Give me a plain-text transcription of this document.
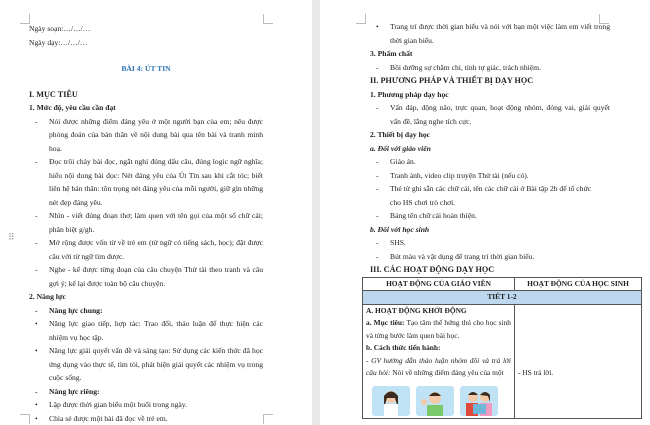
⠿
Ngày soạn:…/…/…
Ngày dạy:…/…/…
BÀI 4: ÚT TIN
I. MỤC TIÊU
1. Mức độ, yêu cầu cần đạt
- Nói được những điểm đáng yêu ở một người bạn của em; nêu được phỏng đoán của bản thân về nội dung bài qua tên bài và tranh minh hoạ.
- Đọc trôi chảy bài đọc, ngắt nghỉ đúng dấu câu, đúng logic ngữ nghĩa; hiểu nội dung bài đọc: Nét đáng yêu của Út Tin sau khi cắt tóc; biết liên hệ bản thân: tôn trọng nét đáng yêu của mỗi người, giữ gìn những nét đẹp đáng yêu.
- Nhìn - viết đúng đoạn thơ; làm quen với tên gọi của một số chữ cái; phân biệt g/gh.
- Mở rộng được vốn từ về trẻ em (từ ngữ có tiếng sách, học); đặt được câu với từ ngữ tìm được.
- Nghe - kể được từng đoạn của câu chuyện Thử tài theo tranh và câu gợi ý; kể lại được toàn bộ câu chuyện.
2. Năng lực
- Năng lực chung:
• Năng lực giao tiếp, hợp tác: Trao đổi, thảo luận để thực hiện các nhiệm vụ học tập.
• Năng lực giải quyết vấn đề và sáng tạo: Sử dụng các kiến thức đã học ứng dụng vào thực tế, tìm tòi, phát hiện giải quyết các nhiệm vụ trong cuộc sống.
- Năng lực riêng:
• Lập được thời gian biểu một buổi trong ngày.
• Chia sẻ được một bài đã đọc về trẻ em.
• Trang trí được thời gian biểu và nói với bạn một việc làm em viết trong thời gian biểu.
3. Phẩm chất
- Bồi dưỡng sự chăm chỉ, tính tự giác, trách nhiệm.
II. PHƯƠNG PHÁP VÀ THIẾT BỊ DẠY HỌC
1. Phương pháp dạy học
- Vấn đáp, động não, trực quan, hoạt động nhóm, đóng vai, giải quyết vấn đề, lắng nghe tích cực.
2. Thiết bị dạy học
a. Đối với giáo viên
- Giáo án.
- Tranh ảnh, video clip truyện Thử tài (nếu có).
- Thẻ từ ghi sẵn các chữ cái, tên các chữ cái ở Bài tập 2b để tổ chức cho HS chơi trò chơi.
- Bảng tên chữ cái hoàn thiện.
b. Đối với học sinh
- SHS.
- Bút màu và vật dụng để trang trí thời gian biểu.
III. CÁC HOẠT ĐỘNG DẠY HỌC
HOẠT ĐỘNG CỦA GIÁO VIÊN	HOẠT ĐỘNG CỦA HỌC SINH
TIẾT 1-2	

A. HOẠT ĐỘNG KHỞI ĐỘNG
a. Mục tiêu: Tạo tâm thế hứng thú cho học sinh và từng bước làm quen bài học.
b. Cách thức tiến hành:
- GV hướng dẫn thảo luận nhóm đôi và trả lời câu hỏi: Nói về những điểm đáng yêu của một	- HS trả lời.
